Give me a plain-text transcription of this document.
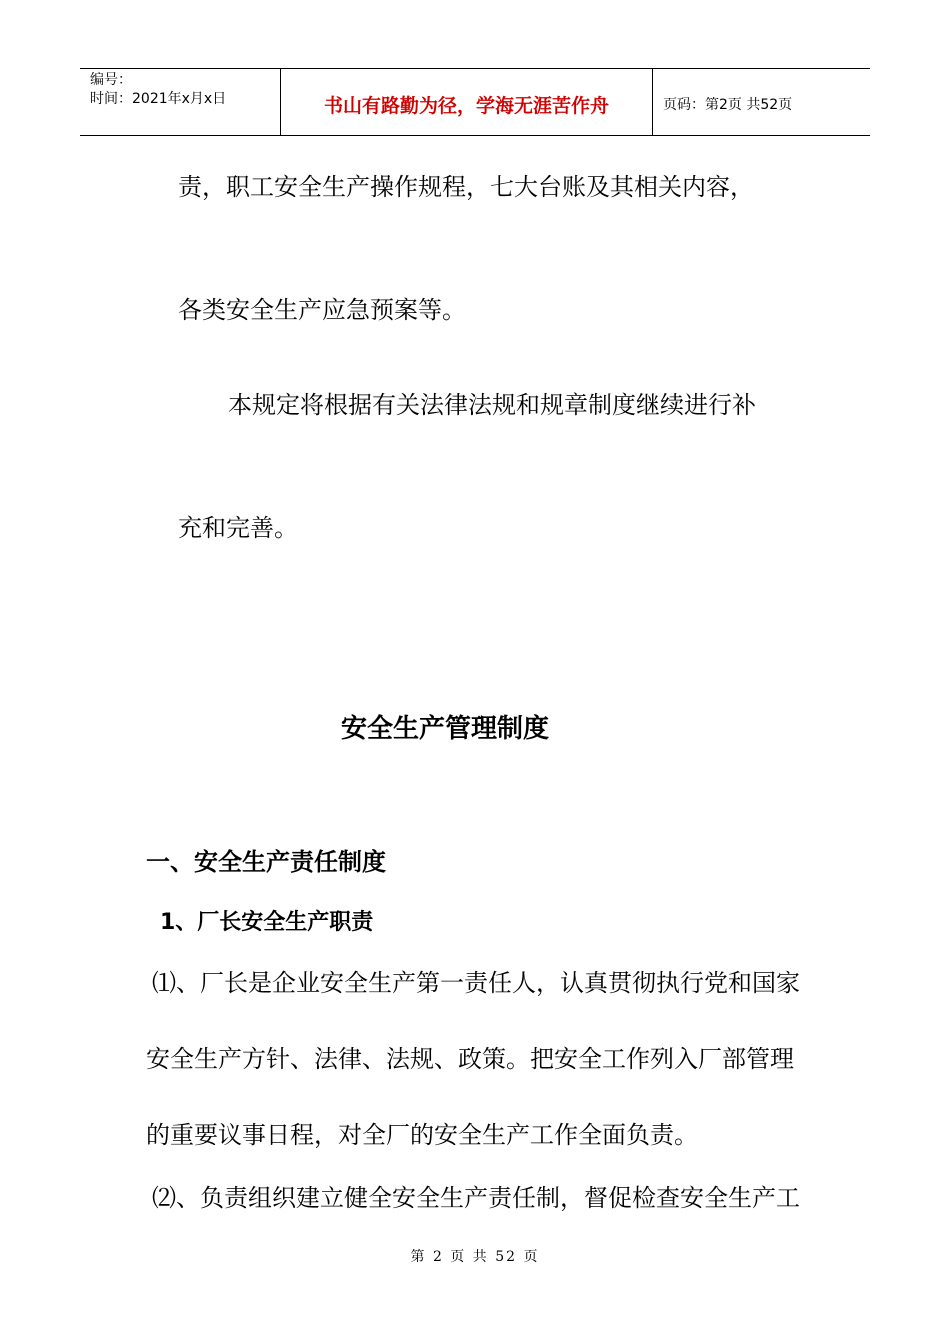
编号：
时间：2021年x月x日	书山有路勤为径，学海无涯苦作舟	页码：第2页 共52页
责，职工安全生产操作规程，七大台账及其相关内容，
各类安全生产应急预案等。
本规定将根据有关法律法规和规章制度继续进行补
充和完善。
安全生产管理制度
一、安全生产责任制度
1、厂长安全生产职责
⑴、厂长是企业安全生产第一责任人，认真贯彻执行党和国家
安全生产方针、法律、法规、政策。把安全工作列入厂部管理
的重要议事日程，对全厂的安全生产工作全面负责。
⑵、负责组织建立健全安全生产责任制，督促检查安全生产工
第 2 页 共 52 页
